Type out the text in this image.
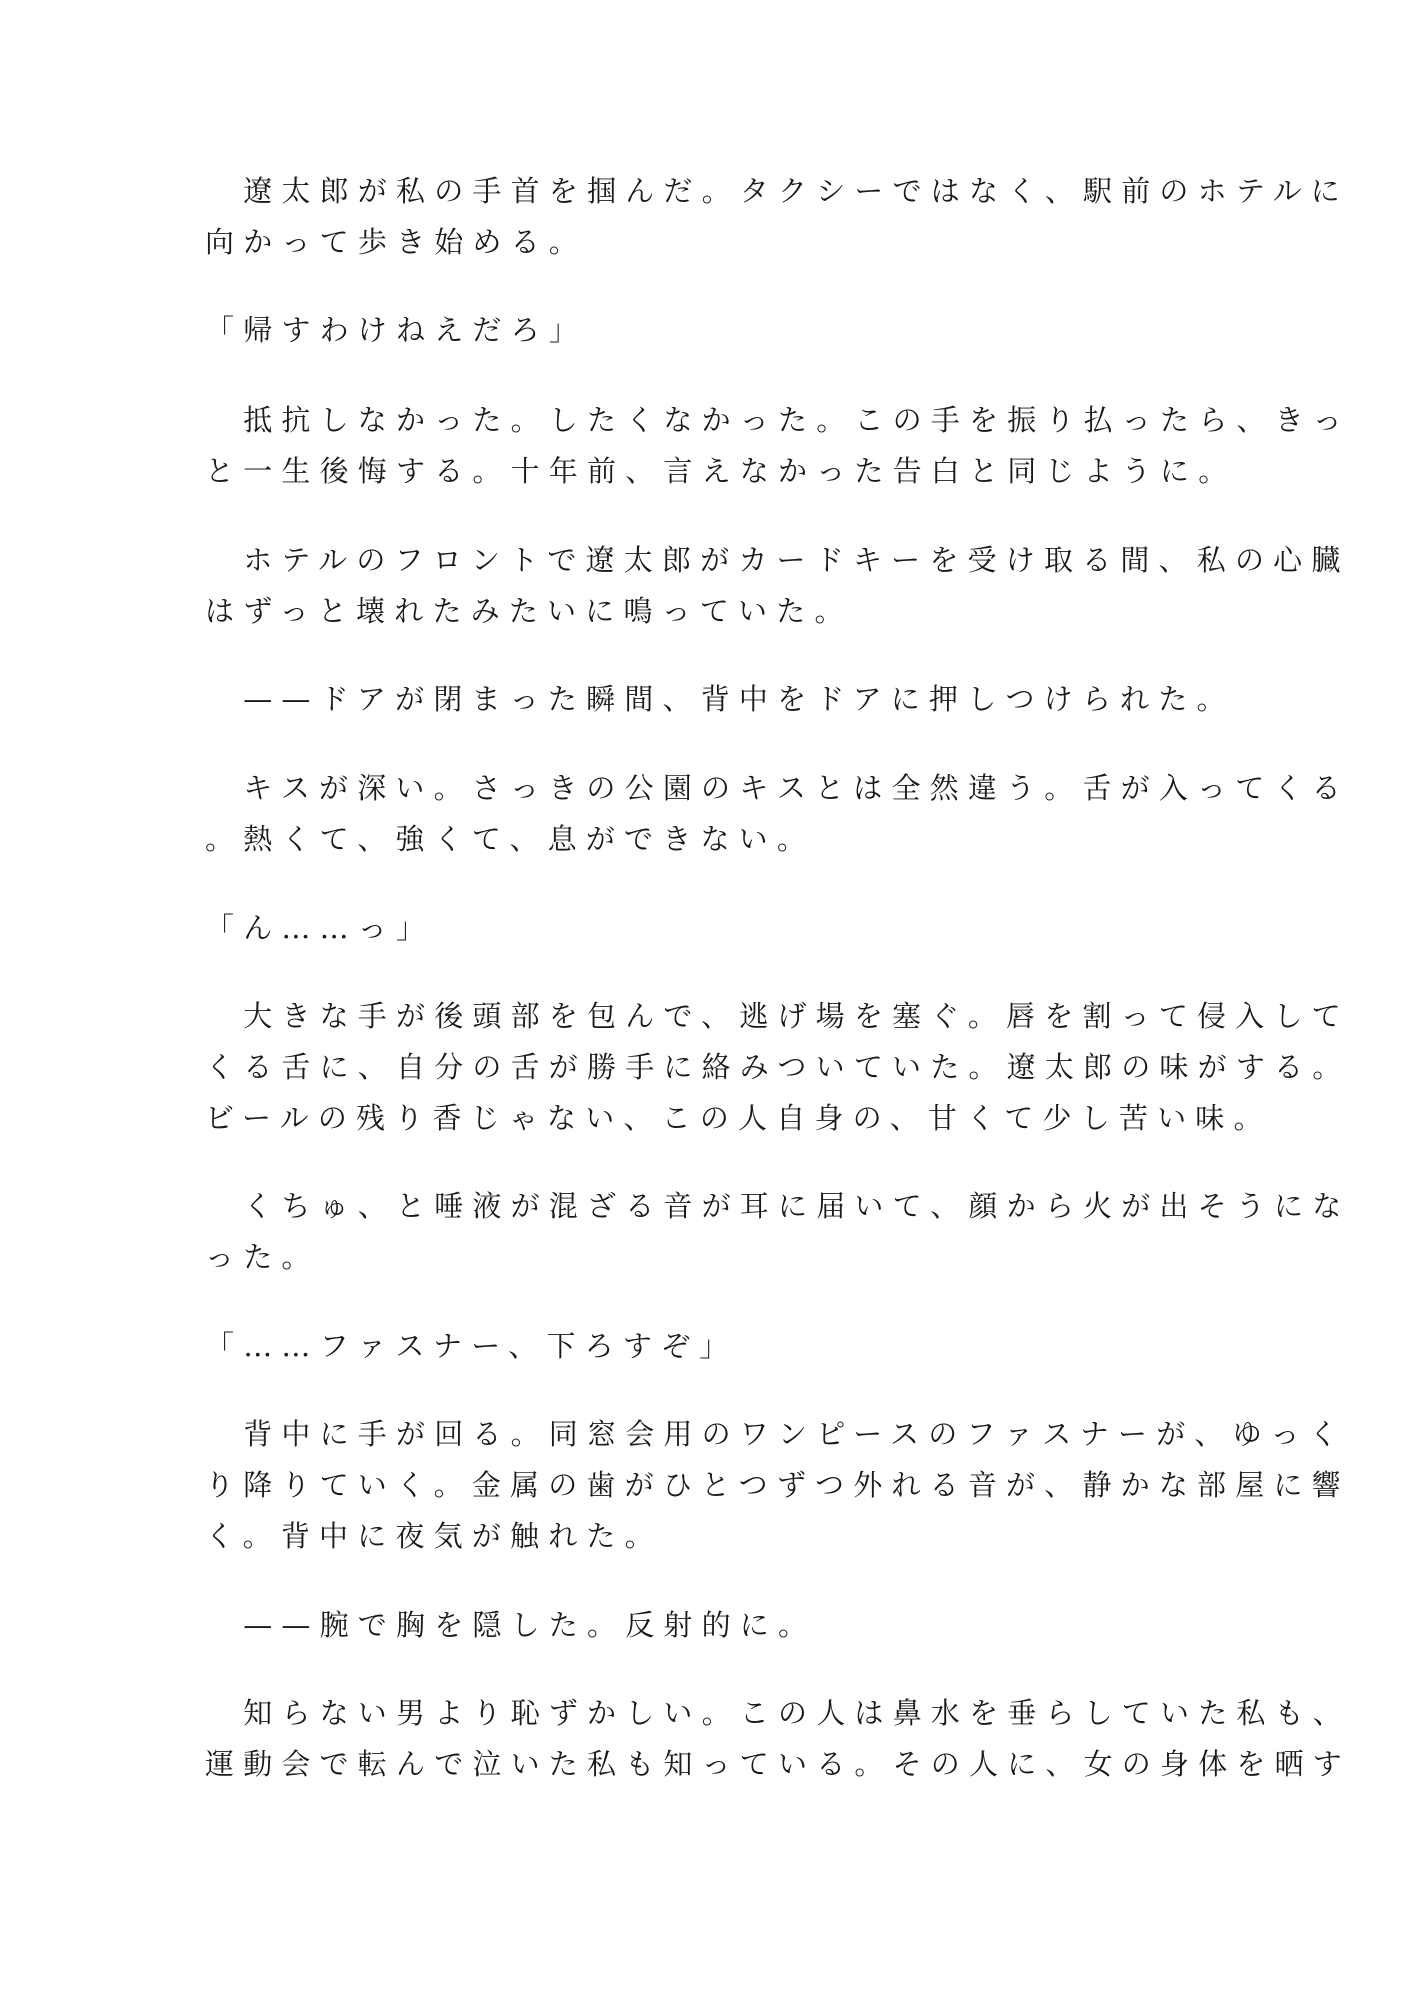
　遼太郎が私の手首を掴んだ。タクシーではなく、駅前のホテルに
向かって歩き始める。
「帰すわけねえだろ」
　抵抗しなかった。したくなかった。この手を振り払ったら、きっ
と一生後悔する。十年前、言えなかった告白と同じように。
　ホテルのフロントで遼太郎がカードキーを受け取る間、私の心臓
はずっと壊れたみたいに鳴っていた。
　——ドアが閉まった瞬間、背中をドアに押しつけられた。
　キスが深い。さっきの公園のキスとは全然違う。舌が入ってくる
。熱くて、強くて、息ができない。
「ん……っ」
　大きな手が後頭部を包んで、逃げ場を塞ぐ。唇を割って侵入して
くる舌に、自分の舌が勝手に絡みついていた。遼太郎の味がする。
ビールの残り香じゃない、この人自身の、甘くて少し苦い味。
　くちゅ、と唾液が混ざる音が耳に届いて、顔から火が出そうにな
った。
「……ファスナー、下ろすぞ」
　背中に手が回る。同窓会用のワンピースのファスナーが、ゆっく
り降りていく。金属の歯がひとつずつ外れる音が、静かな部屋に響
く。背中に夜気が触れた。
　——腕で胸を隠した。反射的に。
　知らない男より恥ずかしい。この人は鼻水を垂らしていた私も、
運動会で転んで泣いた私も知っている。その人に、女の身体を晒す
